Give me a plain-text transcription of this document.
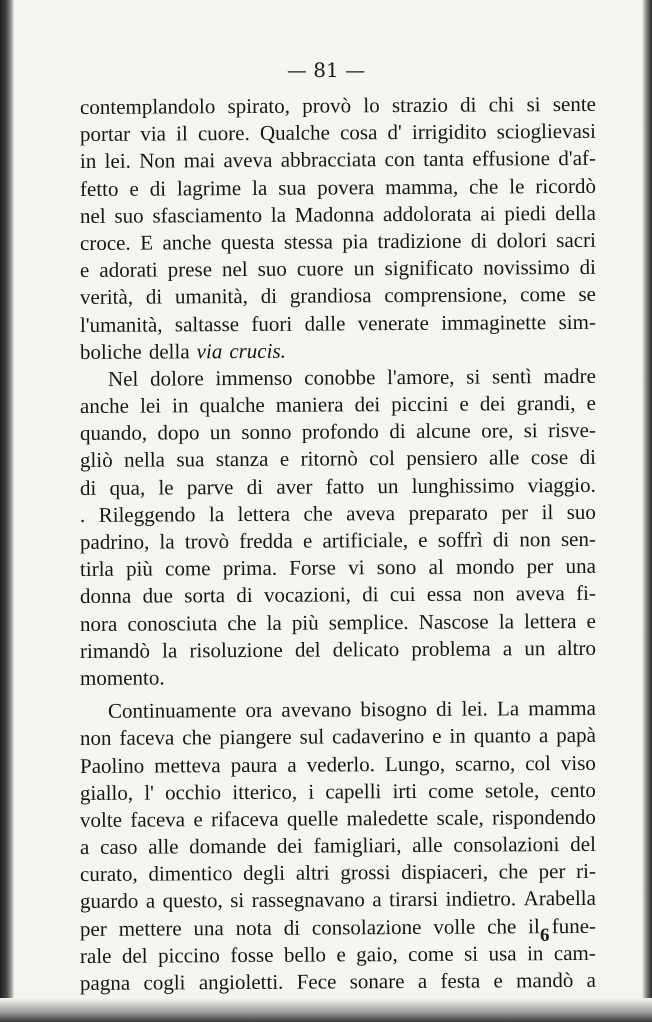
— 81 —
contemplandolo spirato, provò lo strazio di chi si sente
portar via il cuore. Qualche cosa d' irrigidito scioglievasi
in lei. Non mai aveva abbracciata con tanta effusione d'af-
fetto e di lagrime la sua povera mamma, che le ricordò
nel suo sfasciamento la Madonna addolorata ai piedi della
croce. E anche questa stessa pia tradizione di dolori sacri
e adorati prese nel suo cuore un significato novissimo di
verità, di umanità, di grandiosa comprensione, come se
l'umanità, saltasse fuori dalle venerate immaginette sim-
boliche della via crucis.
Nel dolore immenso conobbe l'amore, si sentì madre
anche lei in qualche maniera dei piccini e dei grandi, e
quando, dopo un sonno profondo di alcune ore, si risve-
gliò nella sua stanza e ritornò col pensiero alle cose di
di qua, le parve di aver fatto un lunghissimo viaggio.
. Rileggendo la lettera che aveva preparato per il suo
padrino, la trovò fredda e artificiale, e soffrì di non sen-
tirla più come prima. Forse vi sono al mondo per una
donna due sorta di vocazioni, di cui essa non aveva fi-
nora conosciuta che la più semplice. Nascose la lettera e
rimandò la risoluzione del delicato problema a un altro
momento.
Continuamente ora avevano bisogno di lei. La mamma
non faceva che piangere sul cadaverino e in quanto a papà
Paolino metteva paura a vederlo. Lungo, scarno, col viso
giallo, l' occhio itterico, i capelli irti come setole, cento
volte faceva e rifaceva quelle maledette scale, rispondendo
a caso alle domande dei famigliari, alle consolazioni del
curato, dimentico degli altri grossi dispiaceri, che per ri-
guardo a questo, si rassegnavano a tirarsi indietro. Arabella
per mettere una nota di consolazione volle che il fune-
rale del piccino fosse bello e gaio, come si usa in cam-
pagna cogli angioletti. Fece sonare a festa e mandò a
6
